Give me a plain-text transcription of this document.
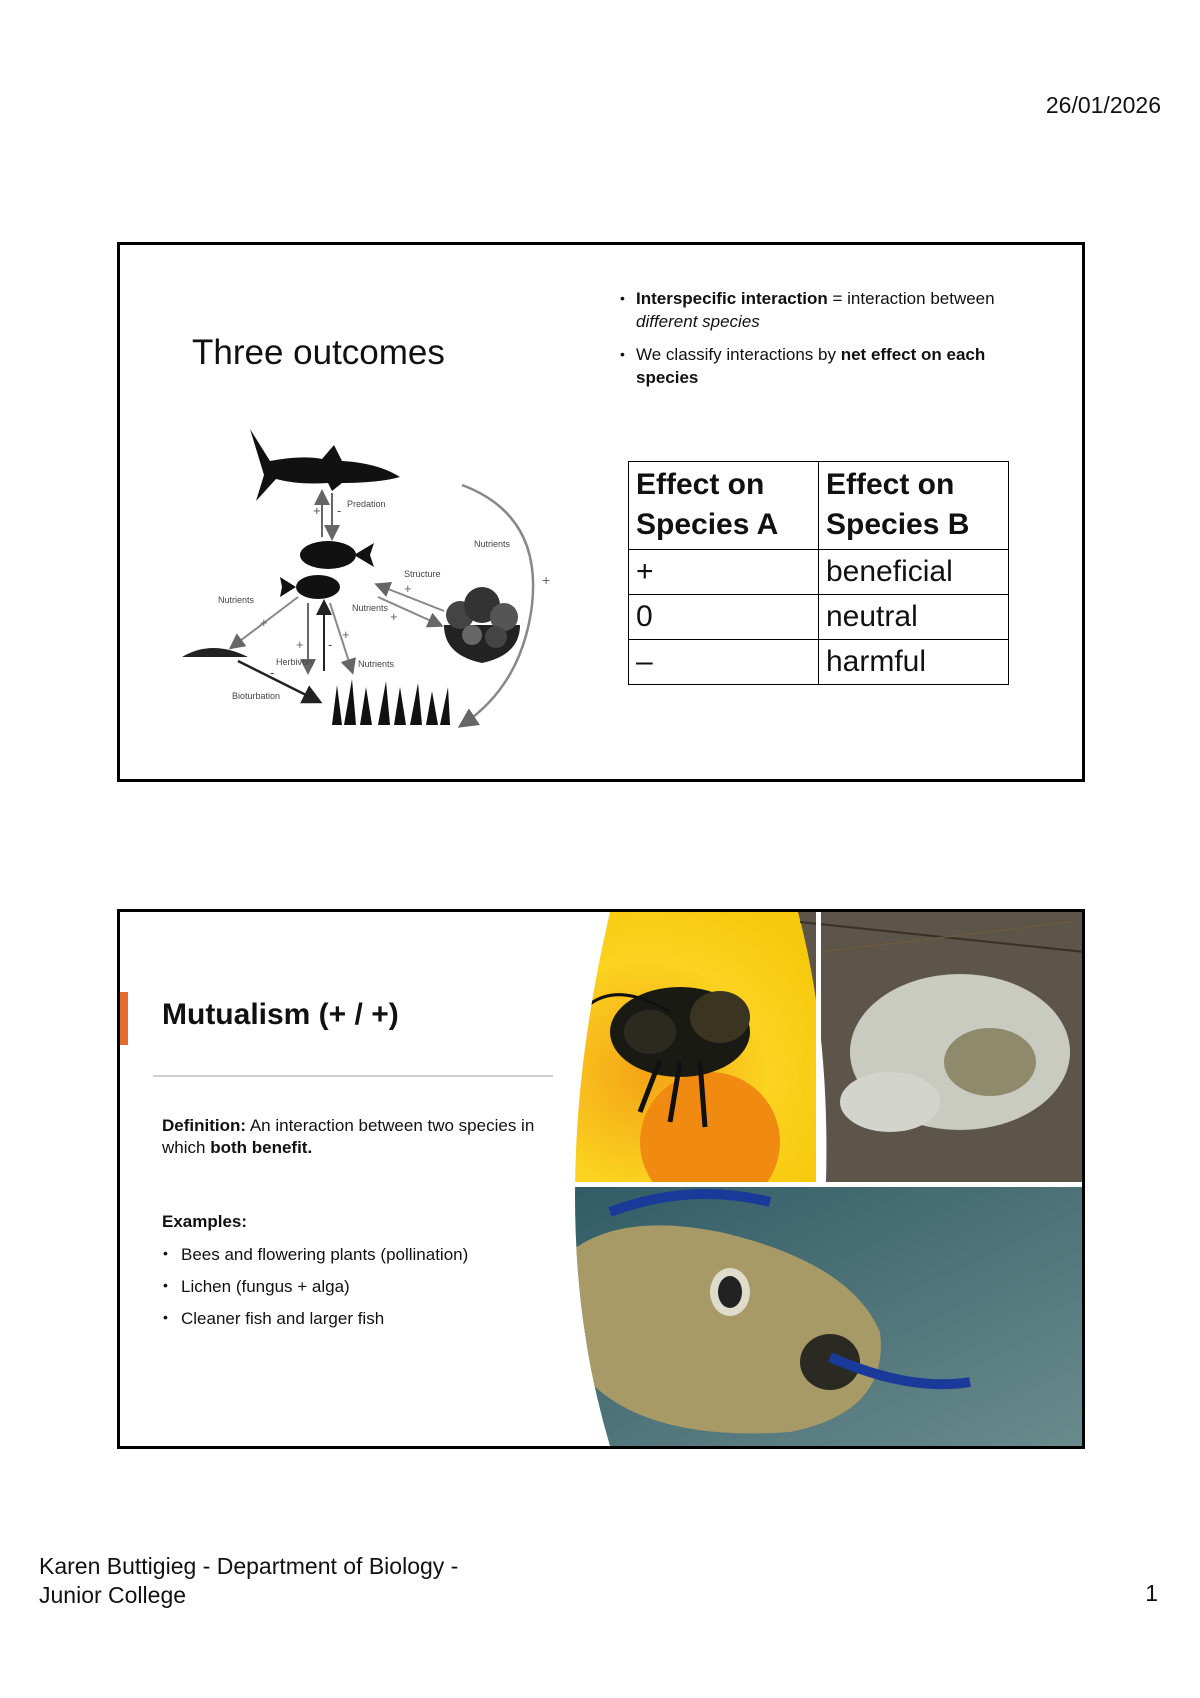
26/01/2026
Three outcomes
• Interspecific interaction = interaction between different species
• We classify interactions by net effect on each species
+ - Predation
+
Nutrients
Structure
+
Nutrients
+
Nutrients
+
+ -
+
Herbivory	Nutrients
-
Bioturbation
Effect on Species A	Effect on Species B
+	beneficial
0	neutral
–	harmful
Mutualism (+ / +)
Definition: An interaction between two species in which both benefit.
Examples:
• Bees and flowering plants (pollination)
• Lichen (fungus + alga)
• Cleaner fish and larger fish
Karen Buttigieg - Department of Biology -
Junior College	1
